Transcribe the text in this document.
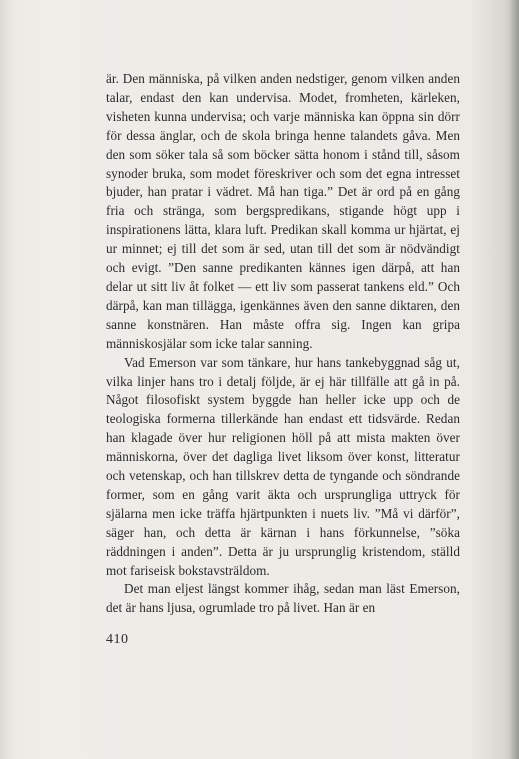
är. Den människa, på vilken anden nedstiger, genom vilken anden talar, endast den kan undervisa. Modet, fromheten, kärleken, visheten kunna undervisa; och varje människa kan öppna sin dörr för dessa änglar, och de skola bringa henne talandets gåva. Men den som söker tala så som böcker sätta honom i stånd till, såsom synoder bruka, som modet föreskriver och som det egna intresset bjuder, han pratar i vädret. Må han tiga.” Det är ord på en gång fria och stränga, som bergspredikans, stigande högt upp i inspirationens lätta, klara luft. Predikan skall komma ur hjärtat, ej ur minnet; ej till det som är sed, utan till det som är nödvändigt och evigt. ”Den sanne predikanten kännes igen därpå, att han delar ut sitt liv åt folket — ett liv som passerat tankens eld.” Och därpå, kan man tillägga, igenkännes även den sanne diktaren, den sanne konstnären. Han måste offra sig. Ingen kan gripa människosjälar som icke talar sanning.

Vad Emerson var som tänkare, hur hans tankebyggnad såg ut, vilka linjer hans tro i detalj följde, är ej här tillfälle att gå in på. Något filosofiskt system byggde han heller icke upp och de teologiska formerna tillerkände han endast ett tidsvärde. Redan han klagade över hur religionen höll på att mista makten över människorna, över det dagliga livet liksom över konst, litteratur och vetenskap, och han tillskrev detta de tyngande och söndrande former, som en gång varit äkta och ursprungliga uttryck för själarna men icke träffa hjärtpunkten i nuets liv. ”Må vi därför”, säger han, och detta är kärnan i hans förkunnelse, ”söka räddningen i anden”. Detta är ju ursprunglig kristendom, ställd mot fariseisk bokstavsträldom.

Det man eljest längst kommer ihåg, sedan man läst Emerson, det är hans ljusa, ogrumlade tro på livet. Han är en

410
